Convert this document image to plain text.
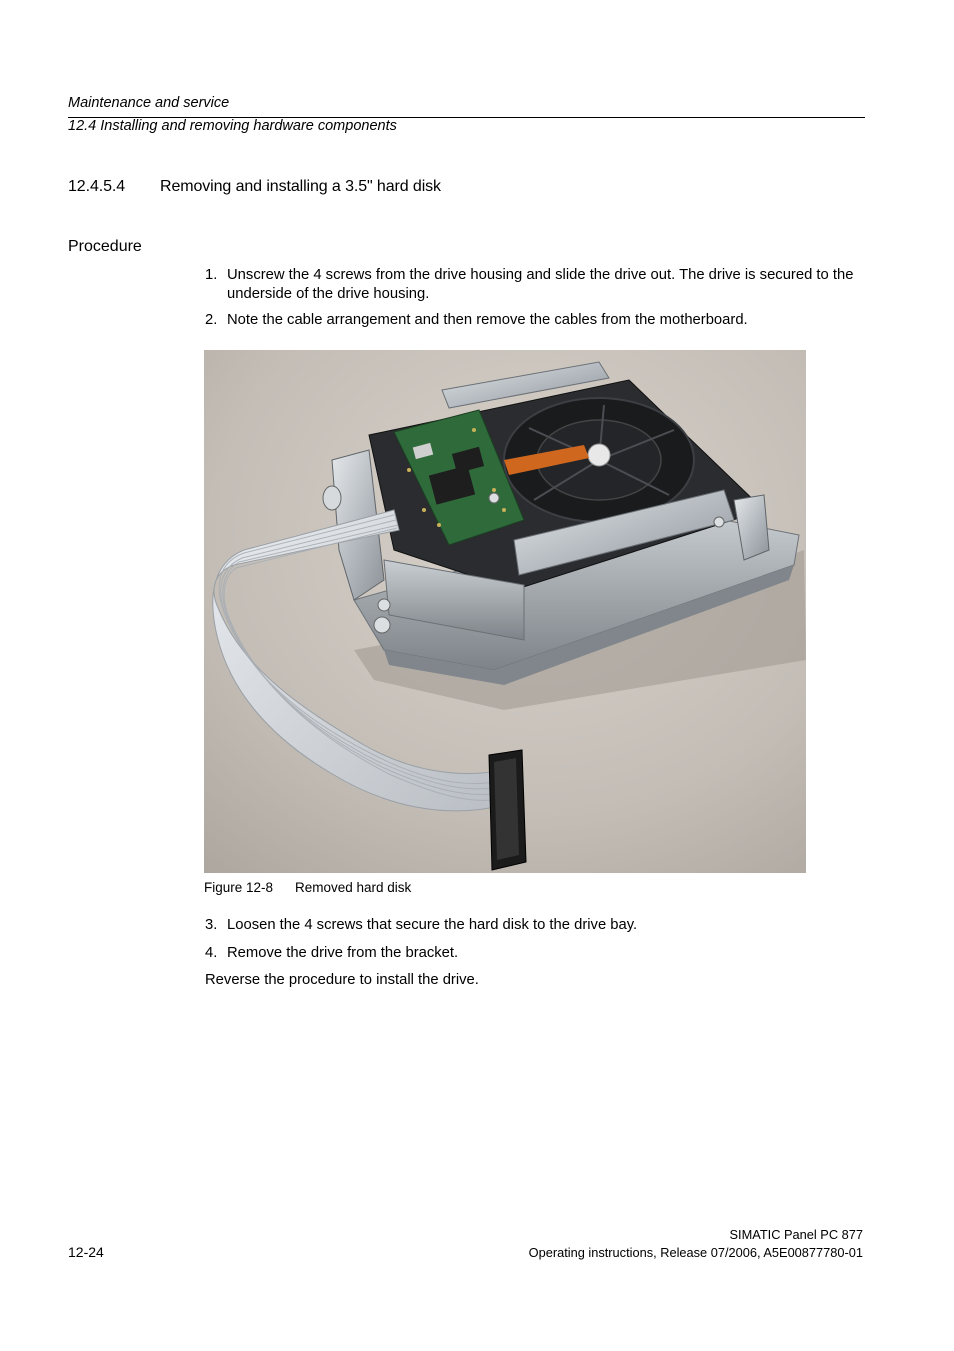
Maintenance and service
12.4 Installing and removing hardware components
12.4.5.4 Removing and installing a 3.5" hard disk
Procedure
1. Unscrew the 4 screws from the drive housing and slide the drive out. The drive is secured to the underside of the drive housing.
2. Note the cable arrangement and then remove the cables from the motherboard.
Figure 12-8 Removed hard disk
3. Loosen the 4 screws that secure the hard disk to the drive bay.
4. Remove the drive from the bracket.
Reverse the procedure to install the drive.
12-24
SIMATIC Panel PC 877
Operating instructions, Release 07/2006, A5E00877780-01
